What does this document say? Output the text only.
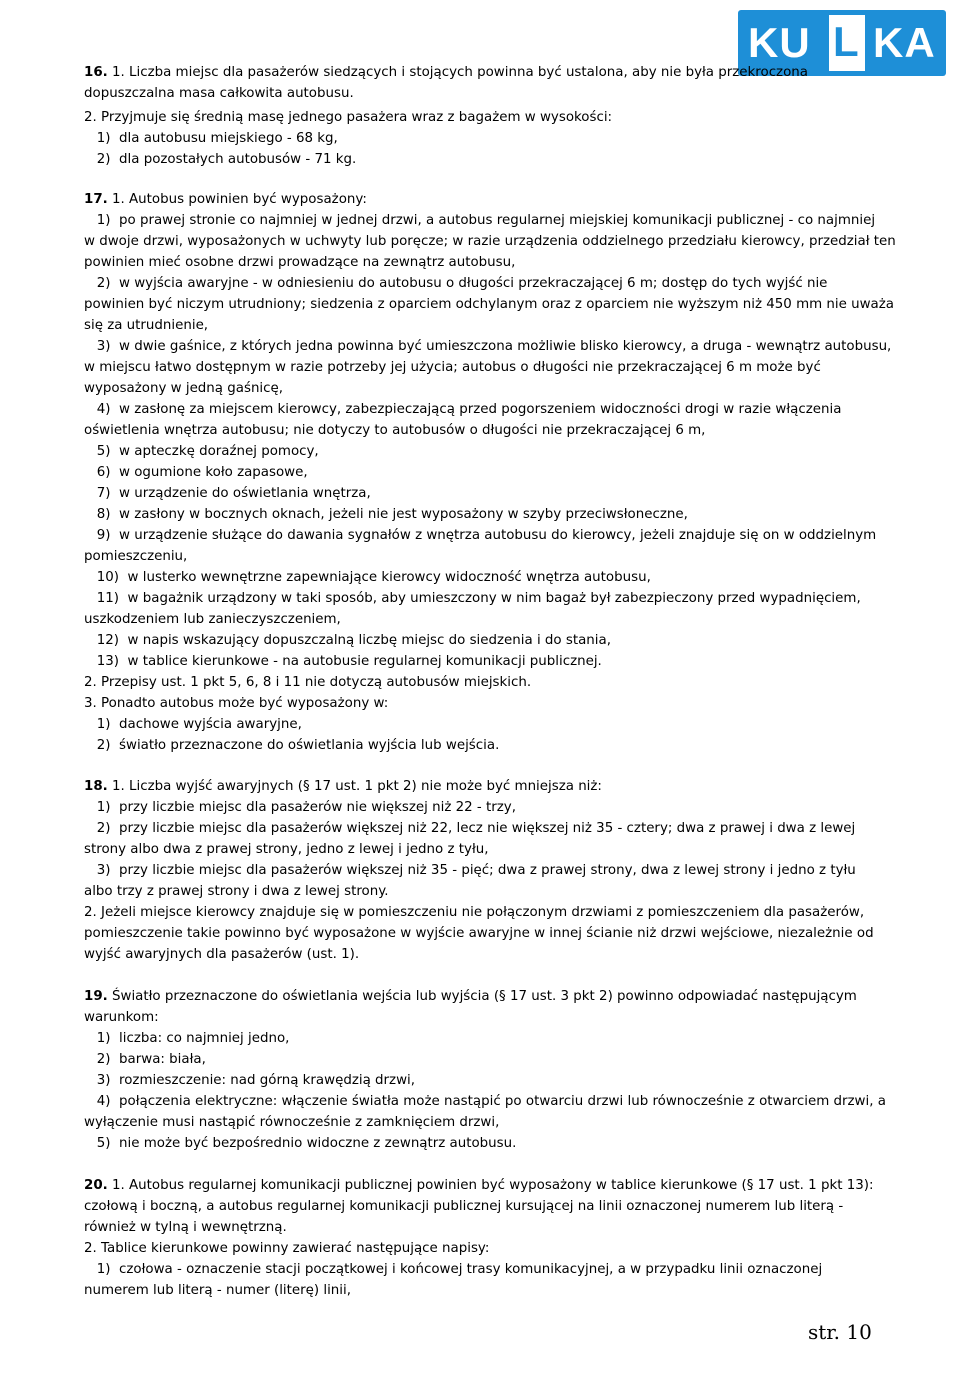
KU L KA
16. 1. Liczba miejsc dla pasażerów siedzących i stojących powinna być ustalona, aby nie była przekroczona
dopuszczalna masa całkowita autobusu.
2. Przyjmuje się średnią masę jednego pasażera wraz z bagażem w wysokości:
1)  dla autobusu miejskiego - 68 kg,
2)  dla pozostałych autobusów - 71 kg.
17. 1. Autobus powinien być wyposażony:
1)  po prawej stronie co najmniej w jednej drzwi, a autobus regularnej miejskiej komunikacji publicznej - co najmniej
w dwoje drzwi, wyposażonych w uchwyty lub poręcze; w razie urządzenia oddzielnego przedziału kierowcy, przedział ten
powinien mieć osobne drzwi prowadzące na zewnątrz autobusu,
2)  w wyjścia awaryjne - w odniesieniu do autobusu o długości przekraczającej 6 m; dostęp do tych wyjść nie
powinien być niczym utrudniony; siedzenia z oparciem odchylanym oraz z oparciem nie wyższym niż 450 mm nie uważa
się za utrudnienie,
3)  w dwie gaśnice, z których jedna powinna być umieszczona możliwie blisko kierowcy, a druga - wewnątrz autobusu,
w miejscu łatwo dostępnym w razie potrzeby jej użycia; autobus o długości nie przekraczającej 6 m może być
wyposażony w jedną gaśnicę,
4)  w zasłonę za miejscem kierowcy, zabezpieczającą przed pogorszeniem widoczności drogi w razie włączenia
oświetlenia wnętrza autobusu; nie dotyczy to autobusów o długości nie przekraczającej 6 m,
5)  w apteczkę doraźnej pomocy,
6)  w ogumione koło zapasowe,
7)  w urządzenie do oświetlania wnętrza,
8)  w zasłony w bocznych oknach, jeżeli nie jest wyposażony w szyby przeciwsłoneczne,
9)  w urządzenie służące do dawania sygnałów z wnętrza autobusu do kierowcy, jeżeli znajduje się on w oddzielnym
pomieszczeniu,
10)  w lusterko wewnętrzne zapewniające kierowcy widoczność wnętrza autobusu,
11)  w bagażnik urządzony w taki sposób, aby umieszczony w nim bagaż był zabezpieczony przed wypadnięciem,
uszkodzeniem lub zanieczyszczeniem,
12)  w napis wskazujący dopuszczalną liczbę miejsc do siedzenia i do stania,
13)  w tablice kierunkowe - na autobusie regularnej komunikacji publicznej.
2. Przepisy ust. 1 pkt 5, 6, 8 i 11 nie dotyczą autobusów miejskich.
3. Ponadto autobus może być wyposażony w:
1)  dachowe wyjścia awaryjne,
2)  światło przeznaczone do oświetlania wyjścia lub wejścia.
18. 1. Liczba wyjść awaryjnych (§ 17 ust. 1 pkt 2) nie może być mniejsza niż:
1)  przy liczbie miejsc dla pasażerów nie większej niż 22 - trzy,
2)  przy liczbie miejsc dla pasażerów większej niż 22, lecz nie większej niż 35 - cztery; dwa z prawej i dwa z lewej
strony albo dwa z prawej strony, jedno z lewej i jedno z tyłu,
3)  przy liczbie miejsc dla pasażerów większej niż 35 - pięć; dwa z prawej strony, dwa z lewej strony i jedno z tyłu
albo trzy z prawej strony i dwa z lewej strony.
2. Jeżeli miejsce kierowcy znajduje się w pomieszczeniu nie połączonym drzwiami z pomieszczeniem dla pasażerów,
pomieszczenie takie powinno być wyposażone w wyjście awaryjne w innej ścianie niż drzwi wejściowe, niezależnie od
wyjść awaryjnych dla pasażerów (ust. 1).
19. Światło przeznaczone do oświetlania wejścia lub wyjścia (§ 17 ust. 3 pkt 2) powinno odpowiadać następującym
warunkom:
1)  liczba: co najmniej jedno,
2)  barwa: biała,
3)  rozmieszczenie: nad górną krawędzią drzwi,
4)  połączenia elektryczne: włączenie światła może nastąpić po otwarciu drzwi lub równocześnie z otwarciem drzwi, a
wyłączenie musi nastąpić równocześnie z zamknięciem drzwi,
5)  nie może być bezpośrednio widoczne z zewnątrz autobusu.
20. 1. Autobus regularnej komunikacji publicznej powinien być wyposażony w tablice kierunkowe (§ 17 ust. 1 pkt 13):
czołową i boczną, a autobus regularnej komunikacji publicznej kursującej na linii oznaczonej numerem lub literą -
również w tylną i wewnętrzną.
2. Tablice kierunkowe powinny zawierać następujące napisy:
1)  czołowa - oznaczenie stacji początkowej i końcowej trasy komunikacyjnej, a w przypadku linii oznaczonej
numerem lub literą - numer (literę) linii,
str. 10
